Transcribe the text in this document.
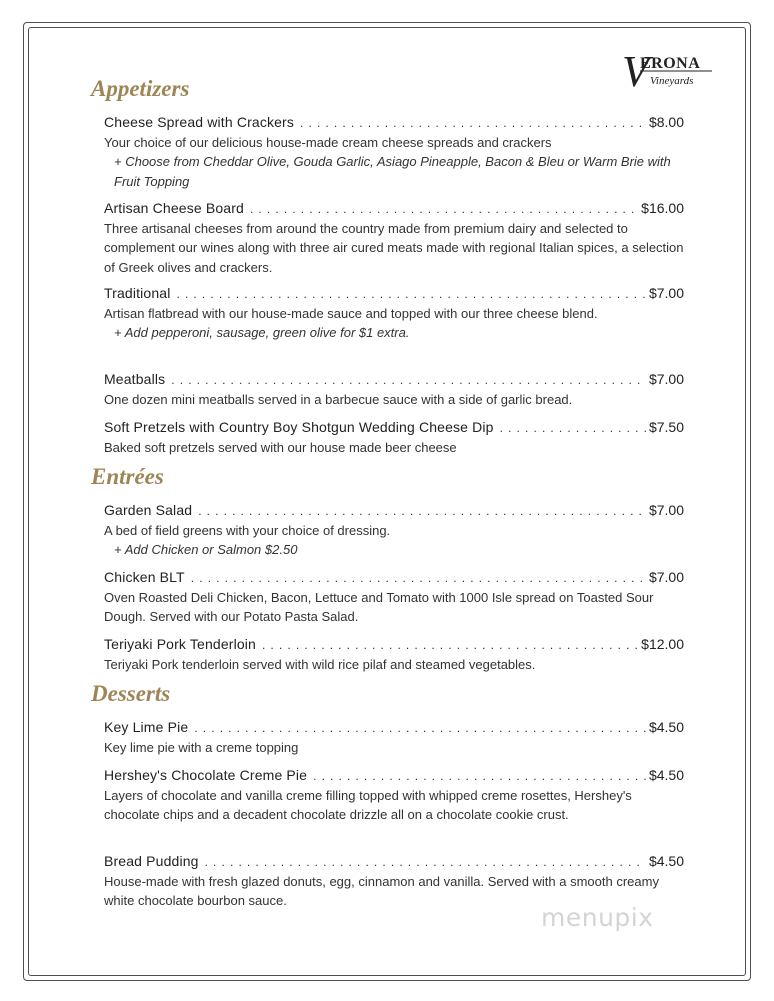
V
ERONA
Vineyards
Appetizers
Cheese Spread with Crackers . . .	$8.00

Your choice of our delicious house-made cream cheese spreads and crackers

+ Choose from Cheddar Olive, Gouda Garlic, Asiago Pineapple, Bacon & Bleu or Warm Brie with Fruit Topping

Artisan Cheese Board . . .	$16.00

Three artisanal cheeses from around the country made from premium dairy and selected to complement our wines along with three air cured meats made with regional Italian spices, a selection of Greek olives and crackers.

Traditional . . .	$7.00

Artisan flatbread with our house-made sauce and topped with our three cheese blend.

+ Add pepperoni, sausage, green olive for $1 extra.

Meatballs . . .	$7.00

One dozen mini meatballs served in a barbecue sauce with a side of garlic bread.

Soft Pretzels with Country Boy Shotgun Wedding Cheese Dip . . .	$7.50

Baked soft pretzels served with our house made beer cheese

Entrées
Garden Salad . . .	$7.00

A bed of field greens with your choice of dressing.

+ Add Chicken or Salmon $2.50

Chicken BLT . . .	$7.00

Oven Roasted Deli Chicken, Bacon, Lettuce and Tomato with 1000 Isle spread on Toasted Sour Dough. Served with our Potato Pasta Salad.

Teriyaki Pork Tenderloin . . .	$12.00

Teriyaki Pork tenderloin served with wild rice pilaf and steamed vegetables.

Desserts
Key Lime Pie . . .	$4.50

Key lime pie with a creme topping

Hershey's Chocolate Creme Pie . . .	$4.50

Layers of chocolate and vanilla creme filling topped with whipped creme rosettes, Hershey's chocolate chips and a decadent chocolate drizzle all on a chocolate cookie crust.

Bread Pudding . . .	$4.50

House-made with fresh glazed donuts, egg, cinnamon and vanilla. Served with a smooth creamy white chocolate bourbon sauce.

menupix
